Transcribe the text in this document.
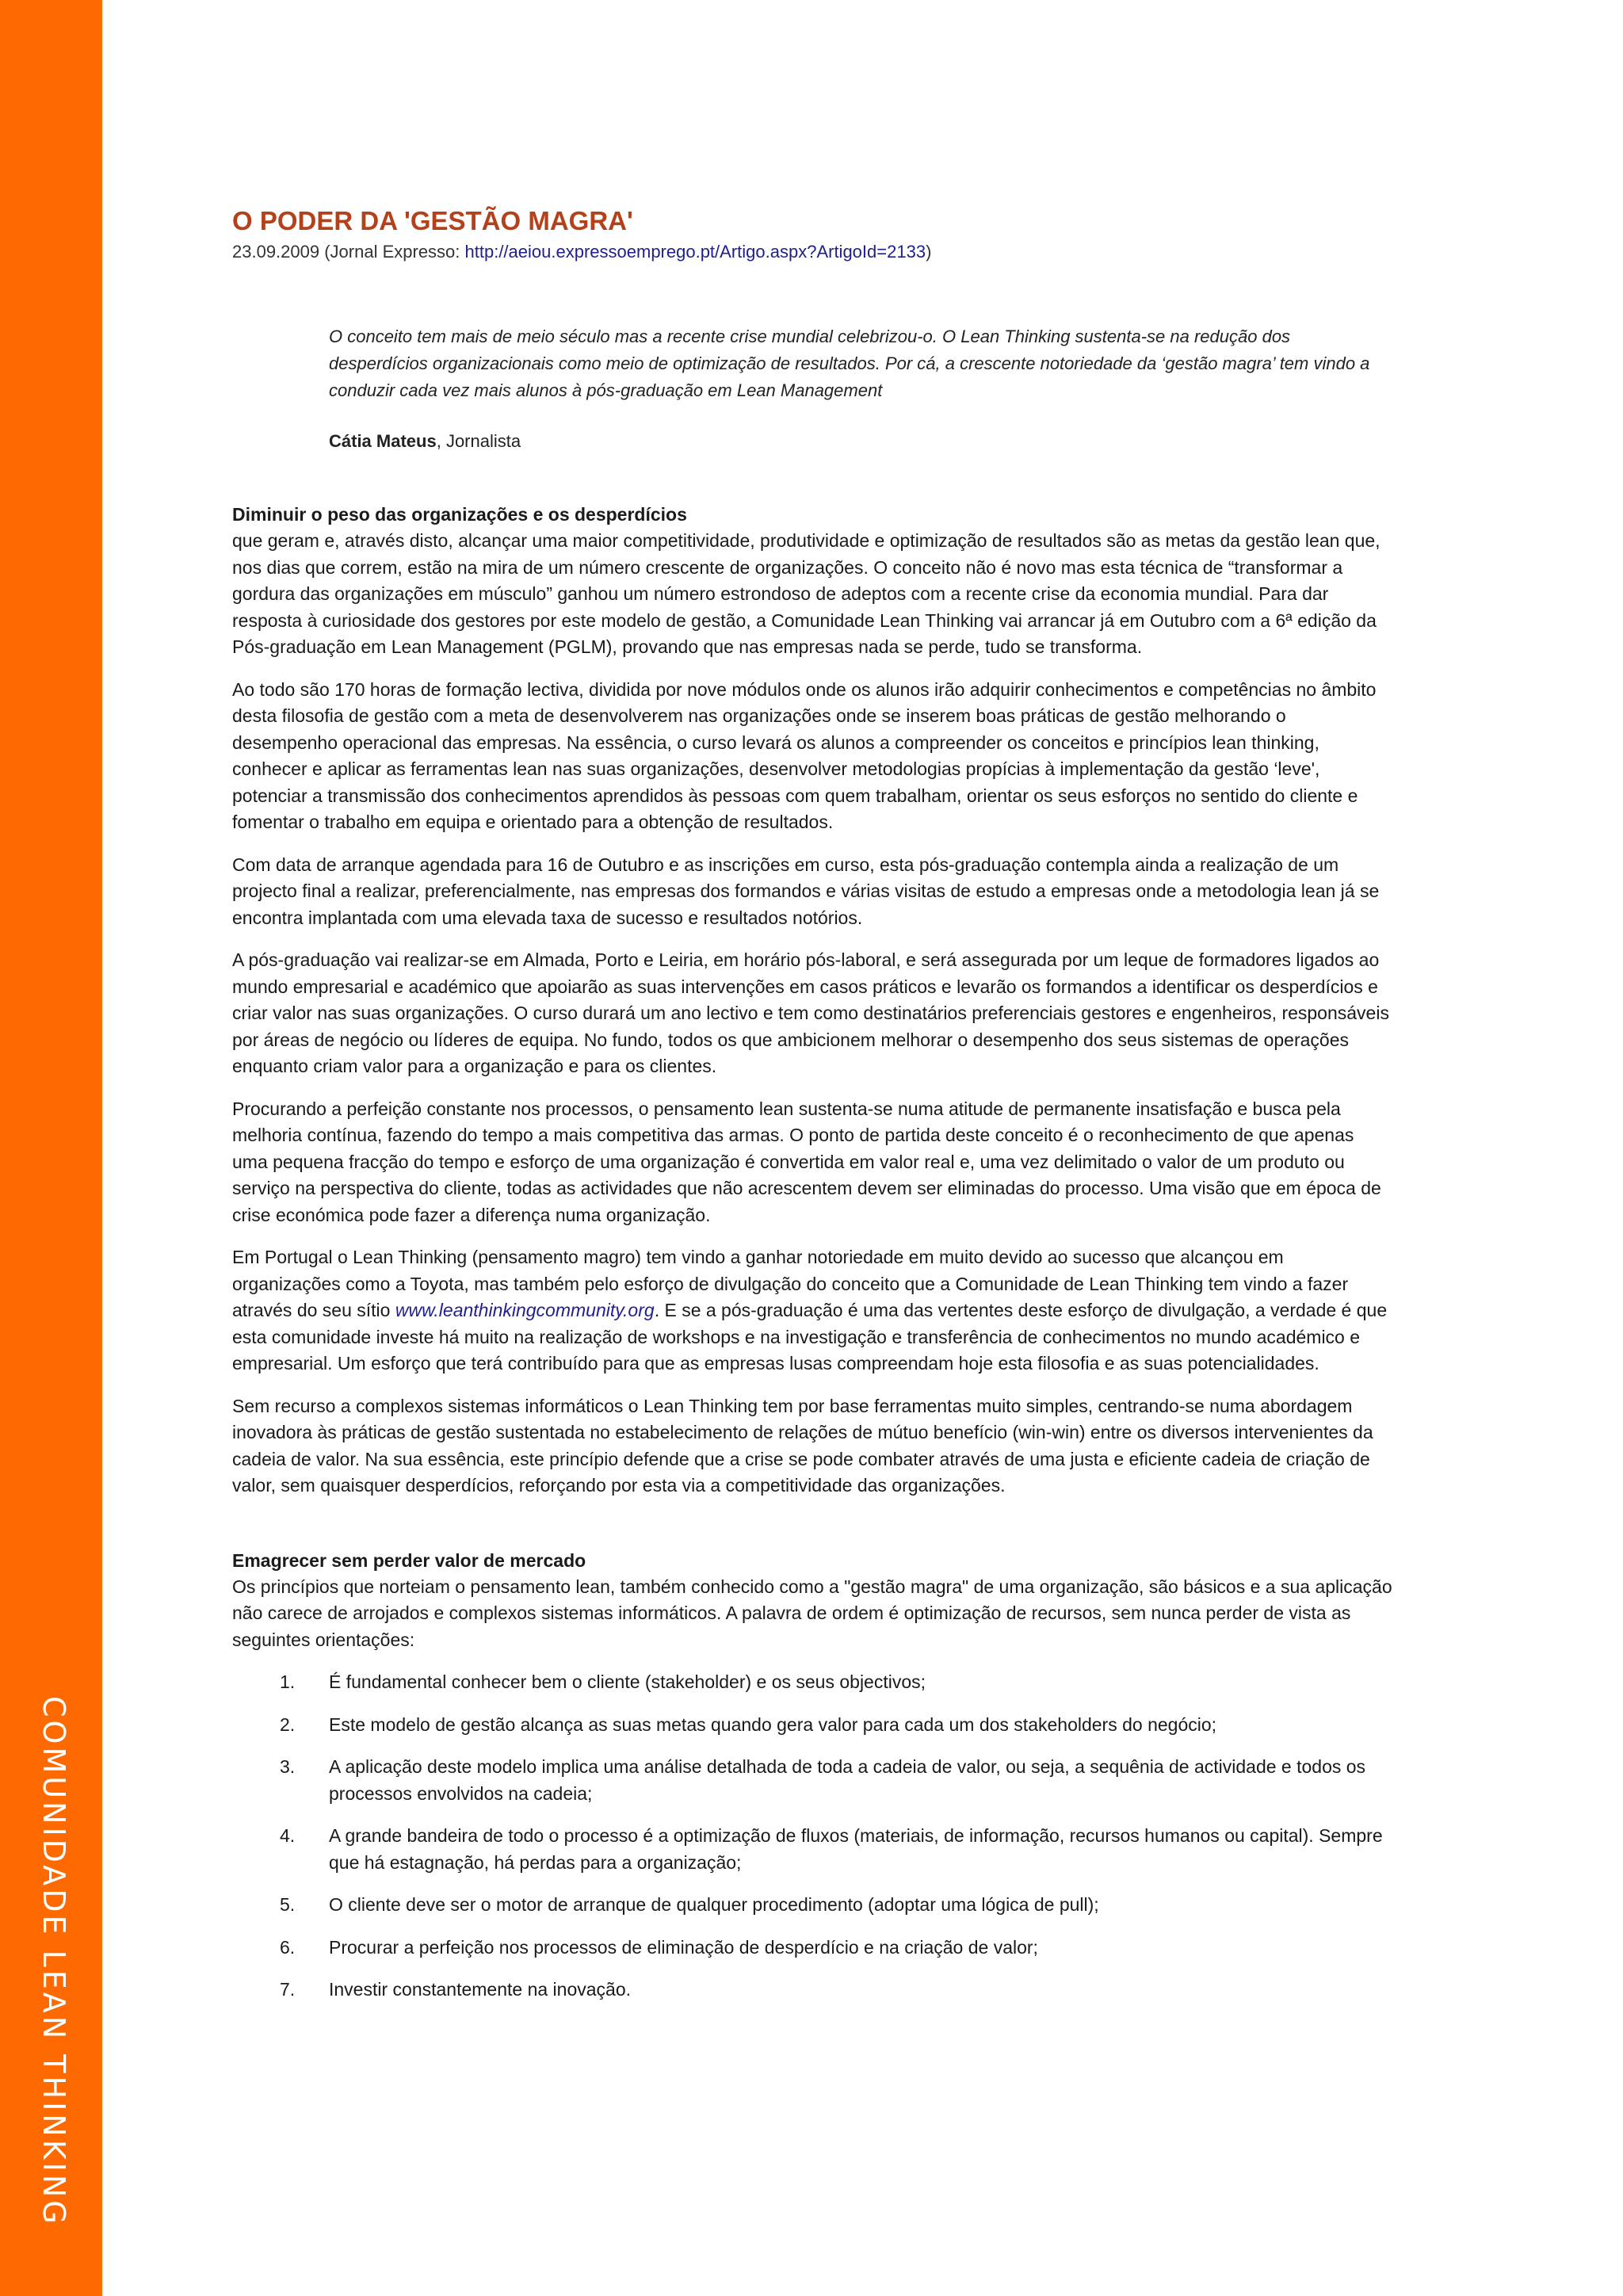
COMUNIDADE LEAN THINKING
O PODER DA 'GESTÃO MAGRA'
23.09.2009 (Jornal Expresso: http://aeiou.expressoemprego.pt/Artigo.aspx?ArtigoId=2133)
O conceito tem mais de meio século mas a recente crise mundial celebrizou-o. O Lean Thinking sustenta-se na redução dos desperdícios organizacionais como meio de optimização de resultados. Por cá, a crescente notoriedade da ‘gestão magra’ tem vindo a conduzir cada vez mais alunos à pós-graduação em Lean Management
Cátia Mateus, Jornalista
Diminuir o peso das organizações e os desperdícios

que geram e, através disto, alcançar uma maior competitividade, produtividade e optimização de resultados são as metas da gestão lean que, nos dias que correm, estão na mira de um número crescente de organizações. O conceito não é novo mas esta técnica de “transformar a gordura das organizações em músculo” ganhou um número estrondoso de adeptos com a recente crise da economia mundial. Para dar resposta à curiosidade dos gestores por este modelo de gestão, a Comunidade Lean Thinking vai arrancar já em Outubro com a 6ª edição da Pós-graduação em Lean Management (PGLM), provando que nas empresas nada se perde, tudo se transforma.

Ao todo são 170 horas de formação lectiva, dividida por nove módulos onde os alunos irão adquirir conhecimentos e competências no âmbito desta filosofia de gestão com a meta de desenvolverem nas organizações onde se inserem boas práticas de gestão melhorando o desempenho operacional das empresas. Na essência, o curso levará os alunos a compreender os conceitos e princípios lean thinking, conhecer e aplicar as ferramentas lean nas suas organizações, desenvolver metodologias propícias à implementação da gestão ‘leve', potenciar a transmissão dos conhecimentos aprendidos às pessoas com quem trabalham, orientar os seus esforços no sentido do cliente e fomentar o trabalho em equipa e orientado para a obtenção de resultados.

Com data de arranque agendada para 16 de Outubro e as inscrições em curso, esta pós-graduação contempla ainda a realização de um projecto final a realizar, preferencialmente, nas empresas dos formandos e várias visitas de estudo a empresas onde a metodologia lean já se encontra implantada com uma elevada taxa de sucesso e resultados notórios.

A pós-graduação vai realizar-se em Almada, Porto e Leiria, em horário pós-laboral, e será assegurada por um leque de formadores ligados ao mundo empresarial e académico que apoiarão as suas intervenções em casos práticos e levarão os formandos a identificar os desperdícios e criar valor nas suas organizações. O curso durará um ano lectivo e tem como destinatários preferenciais gestores e engenheiros, responsáveis por áreas de negócio ou líderes de equipa. No fundo, todos os que ambicionem melhorar o desempenho dos seus sistemas de operações enquanto criam valor para a organização e para os clientes.

Procurando a perfeição constante nos processos, o pensamento lean sustenta-se numa atitude de permanente insatisfação e busca pela melhoria contínua, fazendo do tempo a mais competitiva das armas. O ponto de partida deste conceito é o reconhecimento de que apenas uma pequena fracção do tempo e esforço de uma organização é convertida em valor real e, uma vez delimitado o valor de um produto ou serviço na perspectiva do cliente, todas as actividades que não acrescentem devem ser eliminadas do processo. Uma visão que em época de crise económica pode fazer a diferença numa organização.

Em Portugal o Lean Thinking (pensamento magro) tem vindo a ganhar notoriedade em muito devido ao sucesso que alcançou em organizações como a Toyota, mas também pelo esforço de divulgação do conceito que a Comunidade de Lean Thinking tem vindo a fazer através do seu sítio www.leanthinkingcommunity.org. E se a pós-graduação é uma das vertentes deste esforço de divulgação, a verdade é que esta comunidade investe há muito na realização de workshops e na investigação e transferência de conhecimentos no mundo académico e empresarial. Um esforço que terá contribuído para que as empresas lusas compreendam hoje esta filosofia e as suas potencialidades.

Sem recurso a complexos sistemas informáticos o Lean Thinking tem por base ferramentas muito simples, centrando-se numa abordagem inovadora às práticas de gestão sustentada no estabelecimento de relações de mútuo benefício (win-win) entre os diversos intervenientes da cadeia de valor. Na sua essência, este princípio defende que a crise se pode combater através de uma justa e eficiente cadeia de criação de valor, sem quaisquer desperdícios, reforçando por esta via a competitividade das organizações.

Emagrecer sem perder valor de mercado

Os princípios que norteiam o pensamento lean, também conhecido como a "gestão magra" de uma organização, são básicos e a sua aplicação não carece de arrojados e complexos sistemas informáticos. A palavra de ordem é optimização de recursos, sem nunca perder de vista as seguintes orientações:

1. É fundamental conhecer bem o cliente (stakeholder) e os seus objectivos;
2. Este modelo de gestão alcança as suas metas quando gera valor para cada um dos stakeholders do negócio;
3. A aplicação deste modelo implica uma análise detalhada de toda a cadeia de valor, ou seja, a sequênia de actividade e todos os processos envolvidos na cadeia;
4. A grande bandeira de todo o processo é a optimização de fluxos (materiais, de informação, recursos humanos ou capital). Sempre que há estagnação, há perdas para a organização;
5. O cliente deve ser o motor de arranque de qualquer procedimento (adoptar uma lógica de pull);
6. Procurar a perfeição nos processos de eliminação de desperdício e na criação de valor;
7. Investir constantemente na inovação.
